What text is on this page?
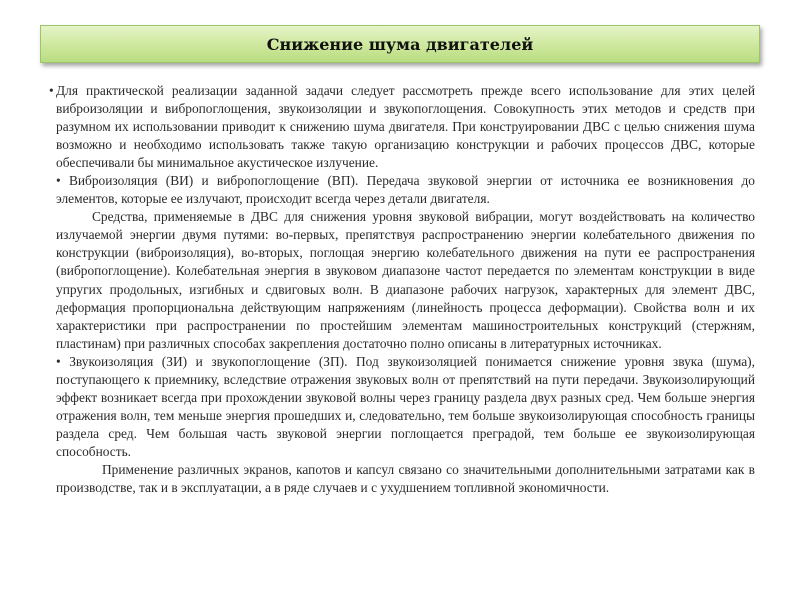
Снижение шума двигателей

• Для практической реализации заданной задачи следует рассмотреть прежде всего использование для этих целей виброизоляции и вибропоглощения, звукоизоляции и звукопоглощения. Совокупность этих методов и средств при разумном их использовании приводит к снижению шума двигателя. При конструировании ДВС с целью снижения шума возможно и необходимо использовать также такую организацию конструкции и рабочих процессов ДВС, которые обеспечивали бы минимальное акустическое излучение.

• Виброизоляция (ВИ) и вибропоглощение (ВП). Передача звуковой энергии от источника ее возникновения до элементов, которые ее излучают, происходит всегда через детали двигателя.

Средства, применяемые в ДВС для снижения уровня звуковой вибрации, могут воздействовать на количество излучаемой энергии двумя путями: во-первых, препятствуя распространению энергии колебательного движения по конструкции (виброизоляция), во-вторых, поглощая энергию колебательного движения на пути ее распространения (вибропоглощение). Колебательная энергия в звуковом диапазоне частот передается по элементам конструкции в виде упругих продольных, изгибных и сдвиговых волн. В диапазоне рабочих нагрузок, характерных для элемент ДВС, деформация пропорциональна действующим напряжениям (линейность процесса деформации). Свойства волн и их характеристики при распространении по простейшим элементам машиностроительных конструкций (стержням, пластинам) при различных способах закрепления достаточно полно описаны в литературных источниках.

• Звукоизоляция (ЗИ) и звукопоглощение (ЗП). Под звукоизоляцией понимается снижение уровня звука (шума), поступающего к приемнику, вследствие отражения звуковых волн от препятствий на пути передачи. Звукоизолирующий эффект возникает всегда при прохождении звуковой волны через границу раздела двух разных сред. Чем больше энергия отражения волн, тем меньше энергия прошедших и, следовательно, тем больше звукоизолирующая способность границы раздела сред. Чем большая часть звуковой энергии поглощается преградой, тем больше ее звукоизолирующая способность.

Применение различных экранов, капотов и капсул связано со значительными дополнительными затратами как в производстве, так и в эксплуатации, а в ряде случаев и с ухудшением топливной экономичности.
